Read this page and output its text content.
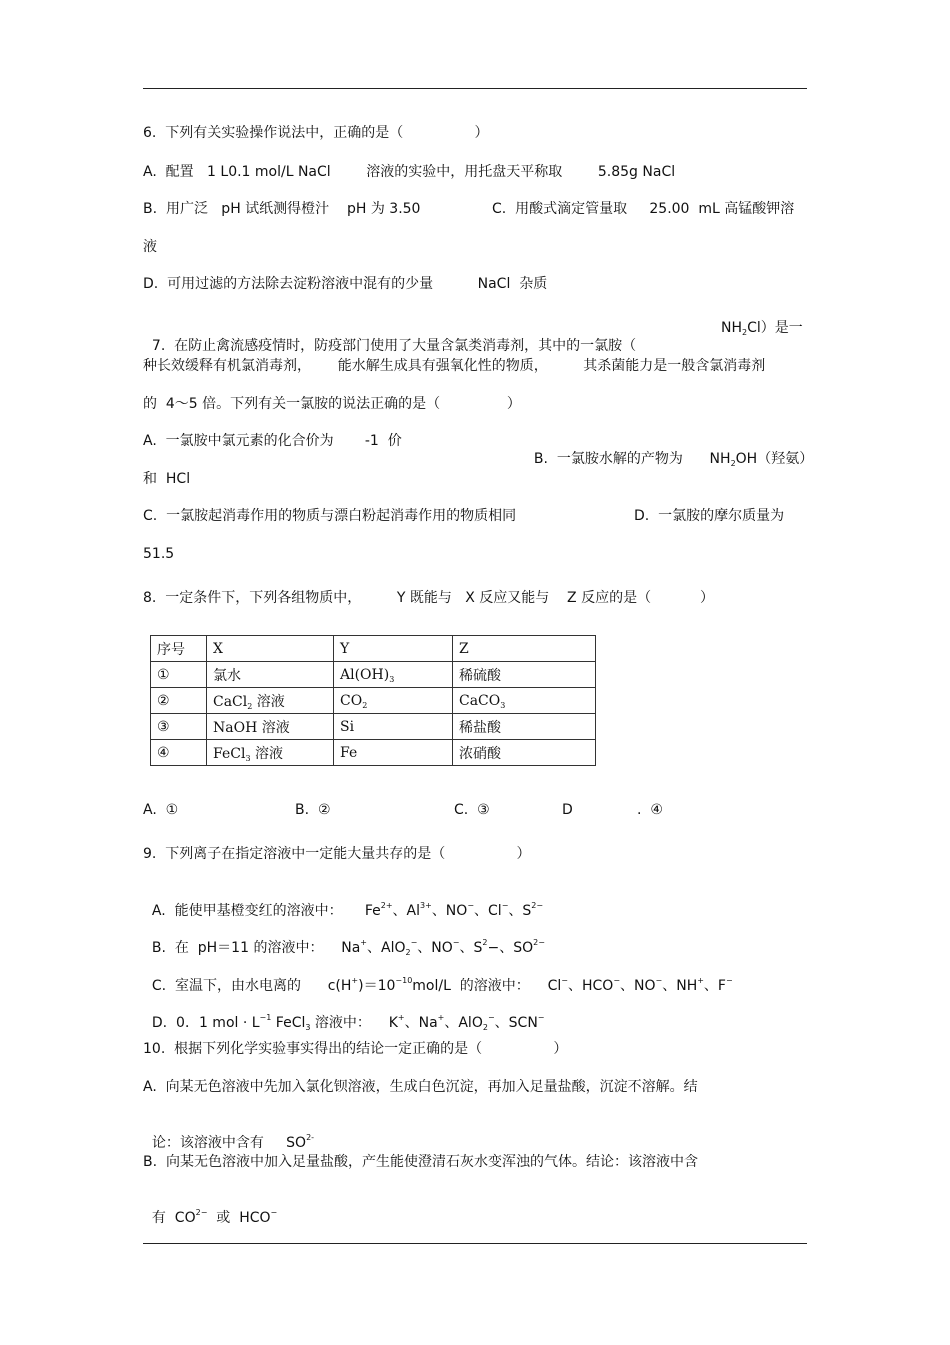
6.  下列有关实验操作说法中，正确的是（                ）
A.  配置   1 L0.1 mol/L NaCl        溶液的实验中，用托盘天平称取        5.85g NaCl
B.  用广泛   pH 试纸测得橙汁    pH 为 3.50	C.  用酸式滴定管量取     25.00  mL 高锰酸钾溶
液
D.  可用过滤的方法除去淀粉溶液中混有的少量          NaCl  杂质

7.  在防止禽流感疫情时，防疫部门使用了大量含氯类消毒剂，其中的一氯胺（

$NH_2Cl$）是一

种长效缓释有机氯消毒剂，      能水解生成具有强氧化性的物质，        其杀菌能力是一般含氯消毒剂
的  4～5 倍。下列有关一氯胺的说法正确的是（               ）
A.  一氯胺中氯元素的化合价为       -1  价

B.  一氯胺水解的产物为      $NH_2OH$（羟氨）

和  HCl
C.  一氯胺起消毒作用的物质与漂白粉起消毒作用的物质相同	D.  一氯胺的摩尔质量为
51.5
8.  一定条件下，下列各组物质中，        Y 既能与   X 反应又能与    Z 反应的是（           ）
序号	X	Y	Z
①	氯水	$Al(OH)_3$	稀硫酸
②	CaCl$_2$ 溶液	$CO_2$	CaCO$_3$
③	NaOH 溶液	Si	稀盐酸
④	FeCl$_3$ 溶液	Fe	浓硝酸
A.  ①	B.  ②	C.  ③	D	.  ④
9.  下列离子在指定溶液中一定能大量共存的是（                ）

A.  能使甲基橙变红的溶液中：     $Fe^{2+}$、$Al^{3+}$、NO−、Cl−、$S^{2-}$

B.  在  pH＝11 的溶液中：    Na+、AlO$_2$−、NO−、$S^2-$、$SO^{2-}$

C.  室温下，由水电离的      $c(H^+)=10^{-10}mol/L$  的溶液中：    Cl−、HCO−、NO−、NH+、F−

D.  0．1 mol · $L^{-1}$ FeCl$_3$ 溶液中：    K+、Na+、AlO$_2$−、SCN−

10.  根据下列化学实验事实得出的结论一定正确的是（                ）
A.  向某无色溶液中先加入氯化钡溶液，生成白色沉淀，再加入足量盐酸，沉淀不溶解。结

论：该溶液中含有     $SO^{2-}$

B.  向某无色溶液中加入足量盐酸，产生能使澄清石灰水变浑浊的气体。结论：该溶液中含

有  $CO^{2-}$  或  HCO−
